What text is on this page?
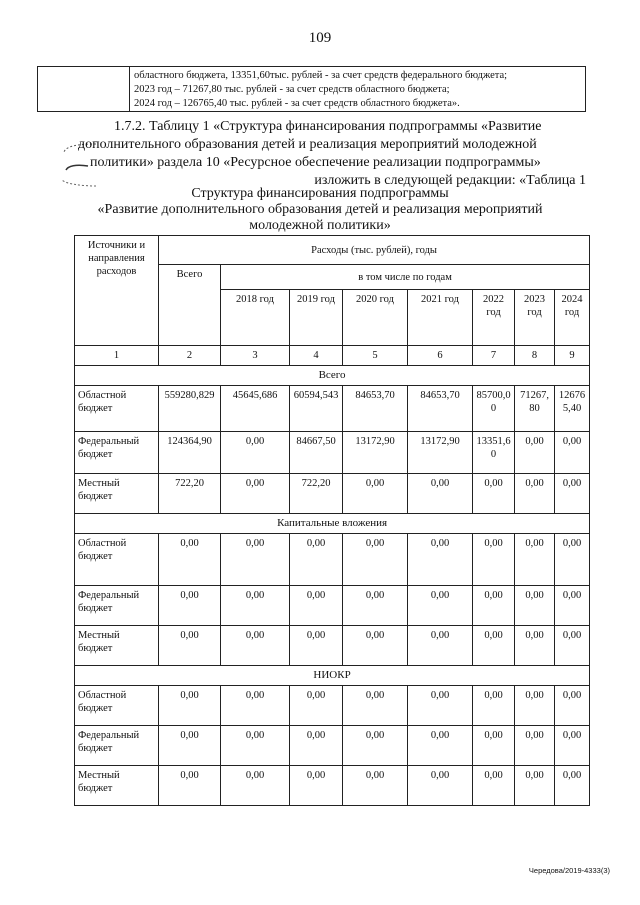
109
областного бюджета, 13351,60тыс. рублей - за счет средств федерального бюджета;
2023 год – 71267,80 тыс. рублей - за счет средств областного бюджета;
2024 год – 126765,40 тыс. рублей - за счет средств областного бюджета».
1.7.2. Таблицу 1 «Структура финансирования подпрограммы «Развитие
дополнительного образования детей и реализация мероприятий молодежной
политики» раздела 10 «Ресурсное обеспечение реализации подпрограммы»
изложить в следующей редакции: «Таблица 1
Структура финансирования подпрограммы
«Развитие дополнительного образования детей и реализация мероприятий
молодежной политики»
Источники и направления расходов	Расходы (тыс. рублей), годы							
	Всего	в том числе по годам						
		2018 год	2019 год	2020 год	2021 год	2022 год	2023 год	2024 год
1	2	3	4	5	6	7	8	9
Всего								
Областной бюджет	559280,829	45645,686	60594,543	84653,70	84653,70	85700,00	71267,80	126765,40
Федеральный бюджет	124364,90	0,00	84667,50	13172,90	13172,90	13351,60	0,00	0,00
Местный бюджет	722,20	0,00	722,20	0,00	0,00	0,00	0,00	0,00
Капитальные вложения								
Областной бюджет	0,00	0,00	0,00	0,00	0,00	0,00	0,00	0,00
Федеральный бюджет	0,00	0,00	0,00	0,00	0,00	0,00	0,00	0,00
Местный бюджет	0,00	0,00	0,00	0,00	0,00	0,00	0,00	0,00
НИОКР								
Областной бюджет	0,00	0,00	0,00	0,00	0,00	0,00	0,00	0,00
Федеральный бюджет	0,00	0,00	0,00	0,00	0,00	0,00	0,00	0,00
Местный бюджет	0,00	0,00	0,00	0,00	0,00	0,00	0,00	0,00
Чередова/2019-4333(3)
